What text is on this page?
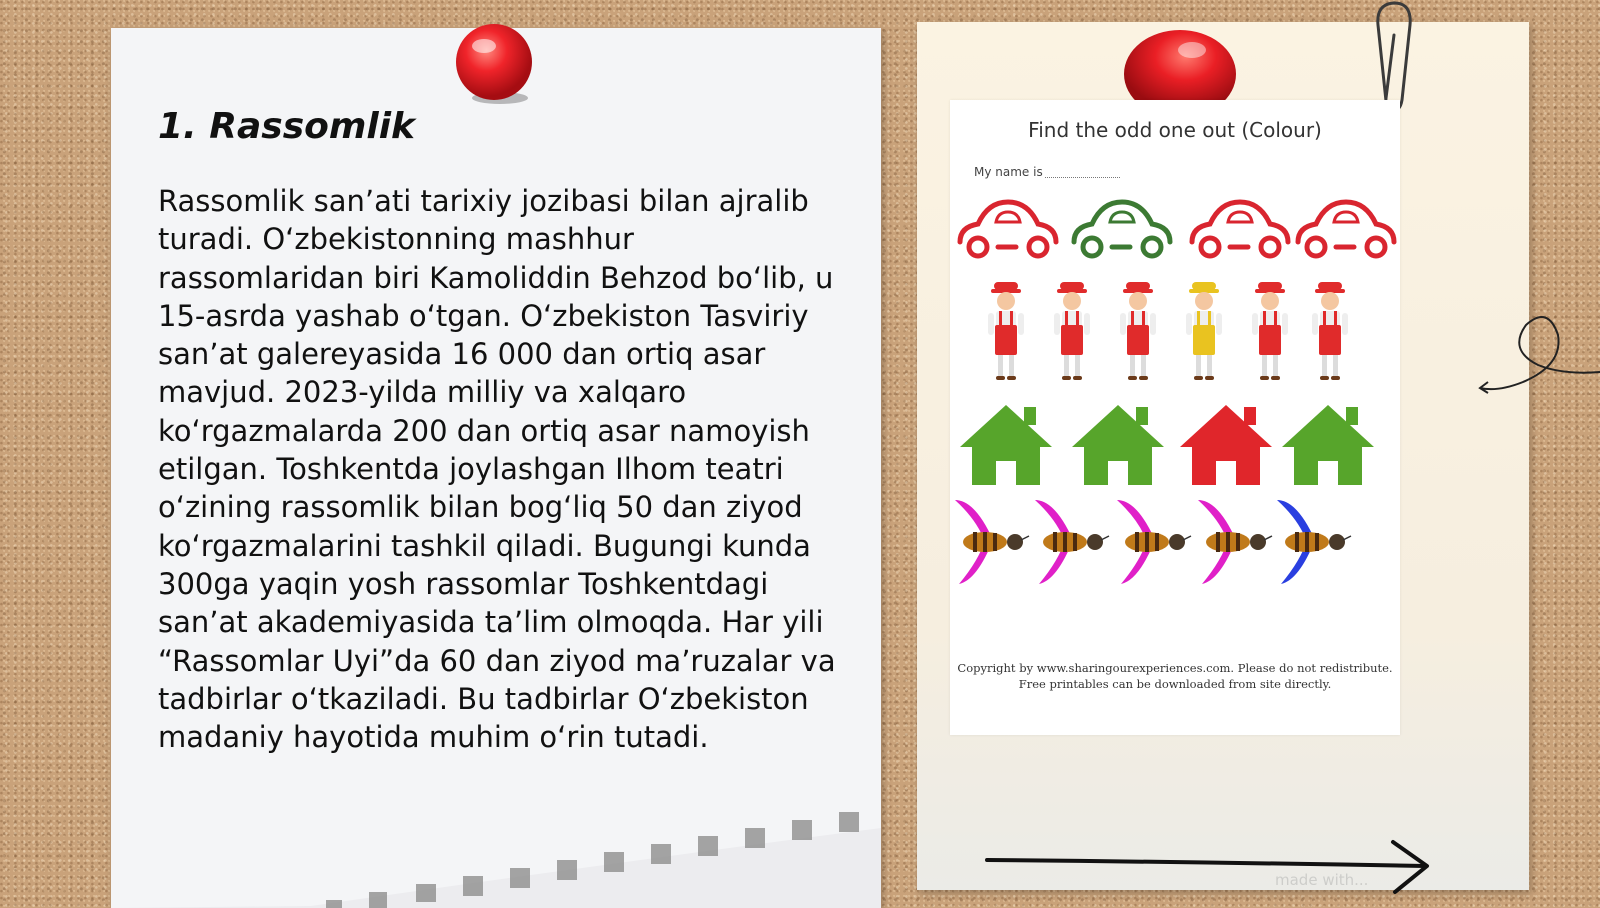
1. Rassomlik

Rassomlik san’ati tarixiy jozibasi bilan ajralib turadi. O‘zbekistonning mashhur rassomlaridan biri Kamoliddin Behzod bo‘lib, u 15-asrda yashab o‘tgan. O‘zbekiston Tasviriy san’at galereyasida 16 000 dan ortiq asar mavjud. 2023-yilda milliy va xalqaro ko‘rgazmalarda 200 dan ortiq asar namoyish etilgan. Toshkentda joylashgan Ilhom teatri o‘zining rassomlik bilan bog‘liq 50 dan ziyod ko‘rgazmalarini tashkil qiladi. Bugungi kunda 300ga yaqin yosh rassomlar Toshkentdagi san’at akademiyasida ta’lim olmoqda. Har yili “Rassomlar Uyi”da 60 dan ziyod ma’ruzalar va tadbirlar o‘tkaziladi. Bu tadbirlar O‘zbekiston madaniy hayotida muhim o‘rin tutadi.

Find the odd one out (Colour)
My name is
Copyright by www.sharingourexperiences.com. Please do not redistribute.
Free printables can be downloaded from site directly.
made with...
